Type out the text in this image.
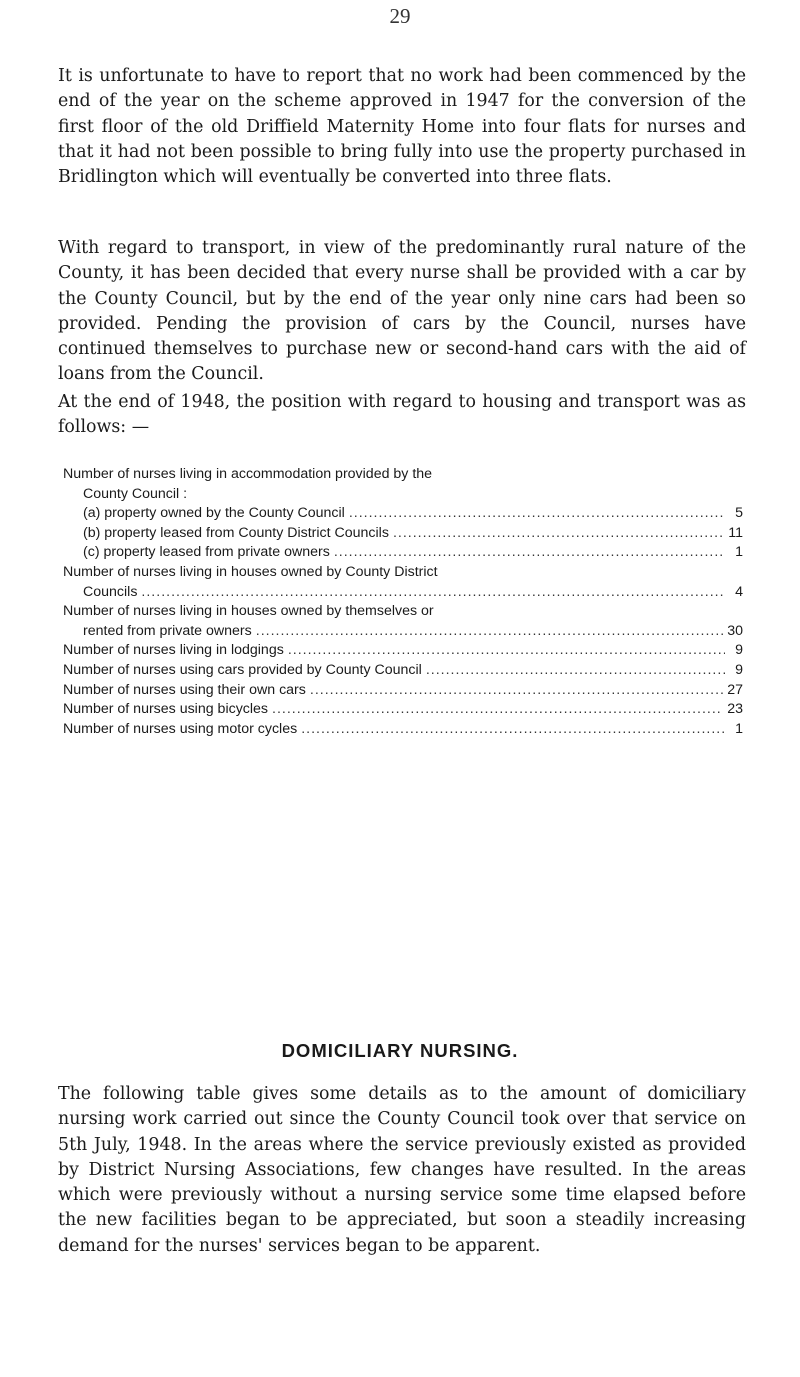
29

It is unfortunate to have to report that no work had been commenced by the end of the year on the scheme approved in 1947 for the conversion of the first floor of the old Driffield Maternity Home into four flats for nurses and that it had not been possible to bring fully into use the property purchased in Bridlington which will eventually be converted into three flats.

With regard to transport, in view of the predominantly rural nature of the County, it has been decided that every nurse shall be provided with a car by the County Council, but by the end of the year only nine cars had been so provided. Pending the provision of cars by the Council, nurses have continued themselves to purchase new or second-hand cars with the aid of loans from the Council.

At the end of 1948, the position with regard to housing and transport was as follows: —

Number of nurses living in accommodation provided by the
County Council :

(a) property owned by the County Council .....	5
(b) property leased from County District Councils .....	11
(c) property leased from private owners .....	1
Number of nurses living in houses owned by County District
Councils .....	4
Number of nurses living in houses owned by themselves or
rented from private owners .....	30
Number of nurses living in lodgings .....	9
Number of nurses using cars provided by County Council .....	9
Number of nurses using their own cars .....	27
Number of nurses using bicycles .....	23
Number of nurses using motor cycles .....	1
DOMICILIARY NURSING.

The following table gives some details as to the amount of domiciliary nursing work carried out since the County Council took over that service on 5th July, 1948. In the areas where the service previously existed as provided by District Nursing Associations, few changes have resulted. In the areas which were previously without a nursing service some time elapsed before the new facilities began to be appreciated, but soon a steadily increasing demand for the nurses' services began to be apparent.
